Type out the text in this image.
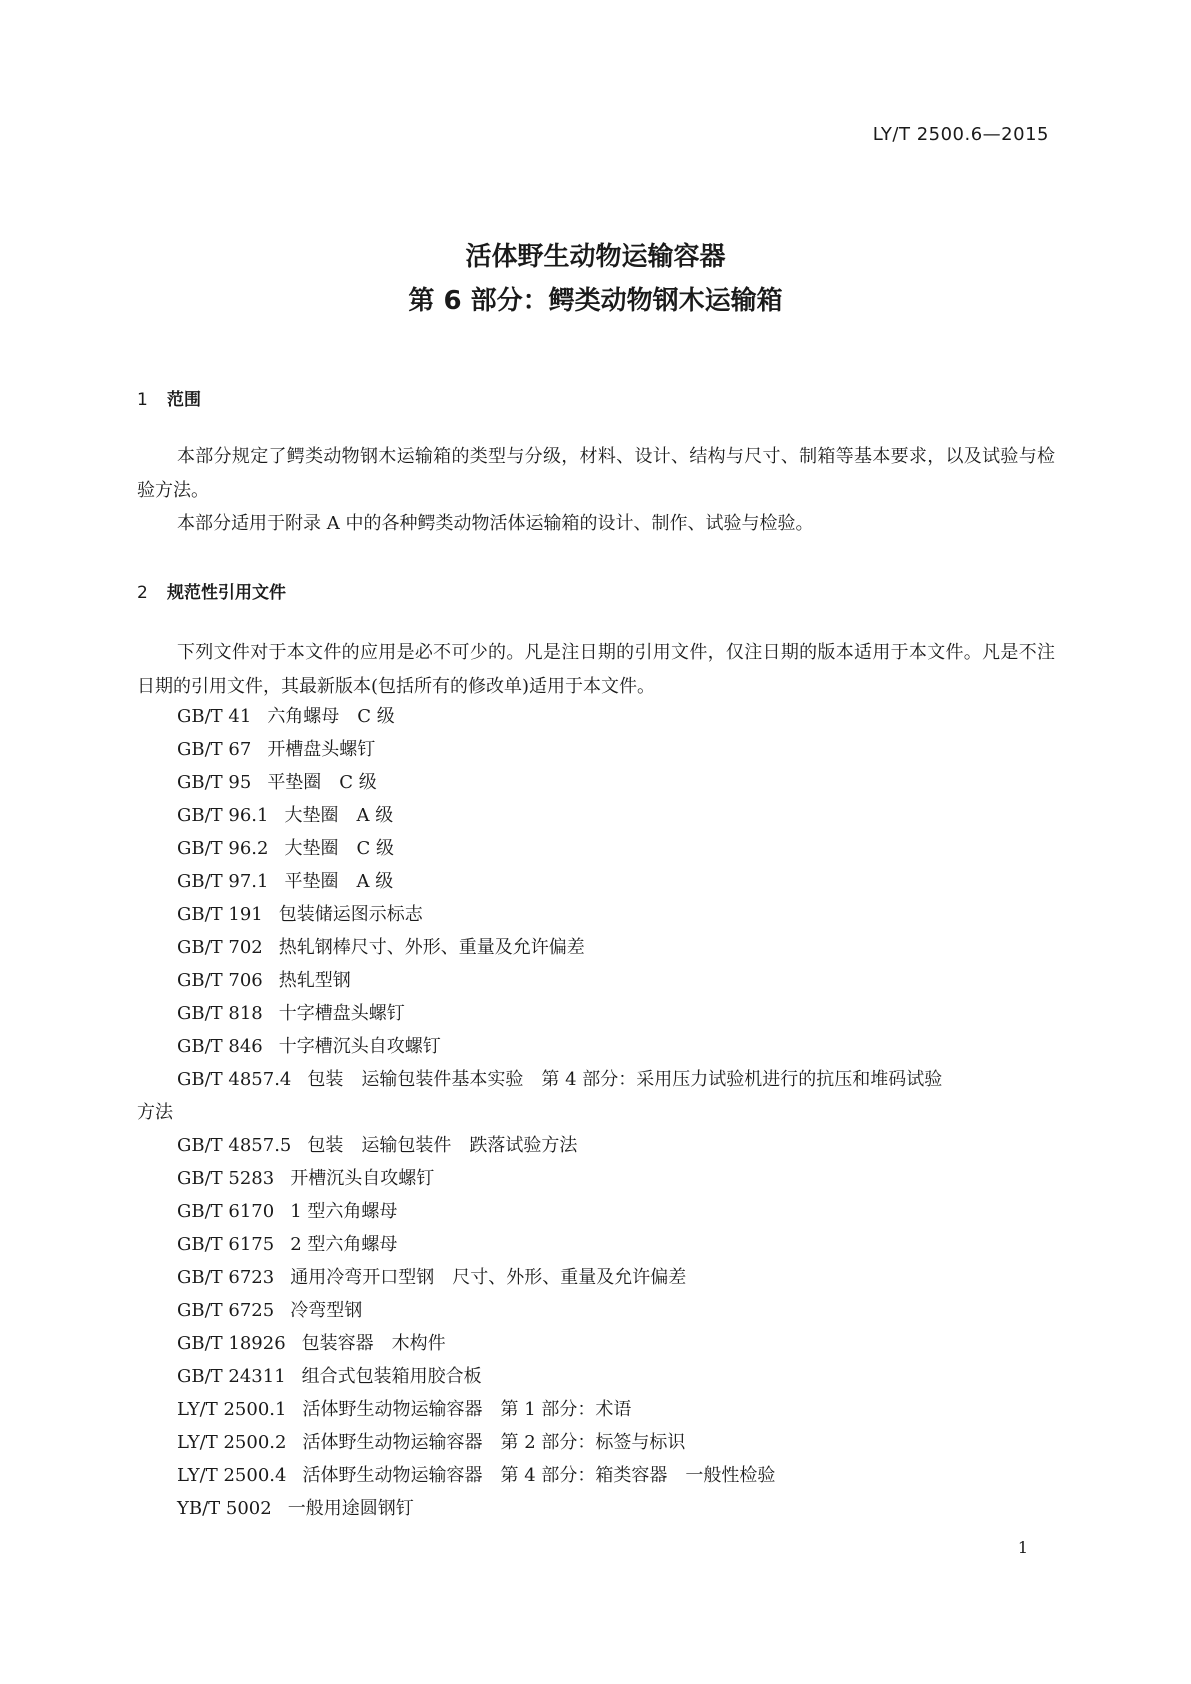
LY/T 2500.6—2015
活体野生动物运输容器
第 6 部分：鳄类动物钢木运输箱
1 范围

本部分规定了鳄类动物钢木运输箱的类型与分级，材料、设计、结构与尺寸、制箱等基本要求，以及试验与检验方法。

本部分适用于附录 A 中的各种鳄类动物活体运输箱的设计、制作、试验与检验。

2 规范性引用文件

下列文件对于本文件的应用是必不可少的。凡是注日期的引用文件，仅注日期的版本适用于本文件。凡是不注日期的引用文件，其最新版本(包括所有的修改单)适用于本文件。

GB/T 41 六角螺母　C 级
GB/T 67 开槽盘头螺钉
GB/T 95 平垫圈　C 级
GB/T 96.1 大垫圈　A 级
GB/T 96.2 大垫圈　C 级
GB/T 97.1 平垫圈　A 级
GB/T 191 包装储运图示标志
GB/T 702 热轧钢棒尺寸、外形、重量及允许偏差
GB/T 706 热轧型钢
GB/T 818 十字槽盘头螺钉
GB/T 846 十字槽沉头自攻螺钉
GB/T 4857.4 包装　运输包装件基本实验　第 4 部分：采用压力试验机进行的抗压和堆码试验
方法
GB/T 4857.5 包装　运输包装件　跌落试验方法
GB/T 5283 开槽沉头自攻螺钉
GB/T 6170 1 型六角螺母
GB/T 6175 2 型六角螺母
GB/T 6723 通用冷弯开口型钢　尺寸、外形、重量及允许偏差
GB/T 6725 冷弯型钢
GB/T 18926 包装容器　木构件
GB/T 24311 组合式包装箱用胶合板
LY/T 2500.1 活体野生动物运输容器　第 1 部分：术语
LY/T 2500.2 活体野生动物运输容器　第 2 部分：标签与标识
LY/T 2500.4 活体野生动物运输容器　第 4 部分：箱类容器　一般性检验
YB/T 5002 一般用途圆钢钉
1
